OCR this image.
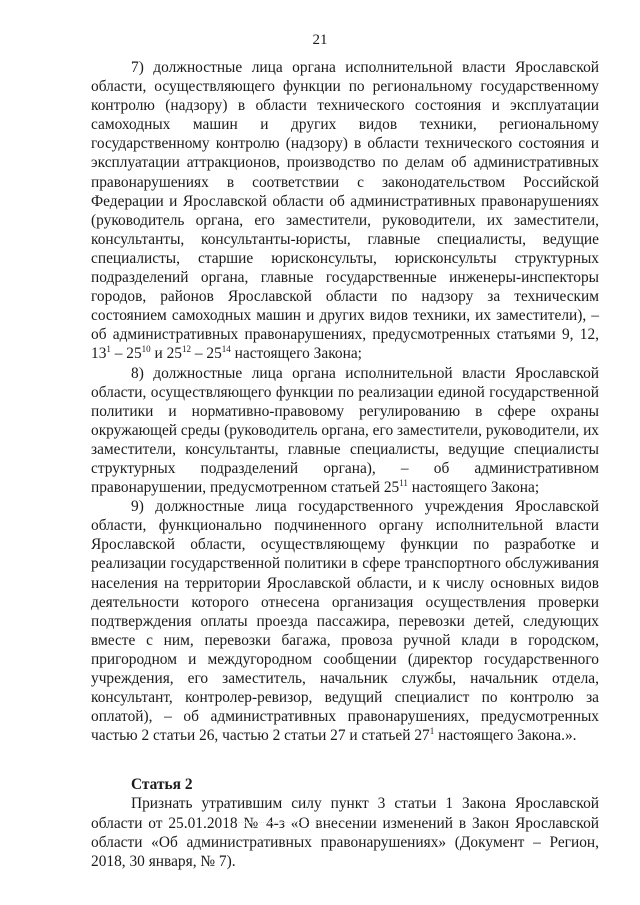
21

7) должностные лица органа исполнительной власти Ярославской области, осуществляющего функции по региональному государственному контролю (надзору) в области технического состояния и эксплуатации самоходных машин и других видов техники, региональному государственному контролю (надзору) в области технического состояния и эксплуатации аттракционов, производство по делам об административных правонарушениях в соответствии с законодательством Российской Федерации и Ярославской области об административных правонарушениях (руководитель органа, его заместители, руководители, их заместители, консультанты, консультанты-юристы, главные специалисты, ведущие специалисты, старшие юрисконсульты, юрисконсульты структурных подразделений органа, главные государственные инженеры-инспекторы городов, районов Ярославской области по надзору за техническим состоянием самоходных машин и других видов техники, их заместители), – об административных правонарушениях, предусмотренных статьями 9, 12, $13^1 - 25^{10}$ и $25^{12} - 25^{14}$ настоящего Закона;

8) должностные лица органа исполнительной власти Ярославской области, осуществляющего функции по реализации единой государственной политики и нормативно-правовому регулированию в сфере охраны окружающей среды (руководитель органа, его заместители, руководители, их заместители, консультанты, главные специалисты, ведущие специалисты структурных подразделений органа), – об административном правонарушении, предусмотренном статьей $25^{11}$ настоящего Закона;

9) должностные лица государственного учреждения Ярославской области, функционально подчиненного органу исполнительной власти Ярославской области, осуществляющему функции по разработке и реализации государственной политики в сфере транспортного обслуживания населения на территории Ярославской области, и к числу основных видов деятельности которого отнесена организация осуществления проверки подтверждения оплаты проезда пассажира, перевозки детей, следующих вместе с ним, перевозки багажа, провоза ручной клади в городском, пригородном и междугородном сообщении (директор государственного учреждения, его заместитель, начальник службы, начальник отдела, консультант, контролер-ревизор, ведущий специалист по контролю за оплатой), – об административных правонарушениях, предусмотренных частью 2 статьи 26, частью 2 статьи 27 и статьей $27^1$ настоящего Закона.».

Статья 2

Признать утратившим силу пункт 3 статьи 1 Закона Ярославской области от 25.01.2018 № 4-з «О внесении изменений в Закон Ярославской области «Об административных правонарушениях» (Документ – Регион, 2018, 30 января, № 7).
